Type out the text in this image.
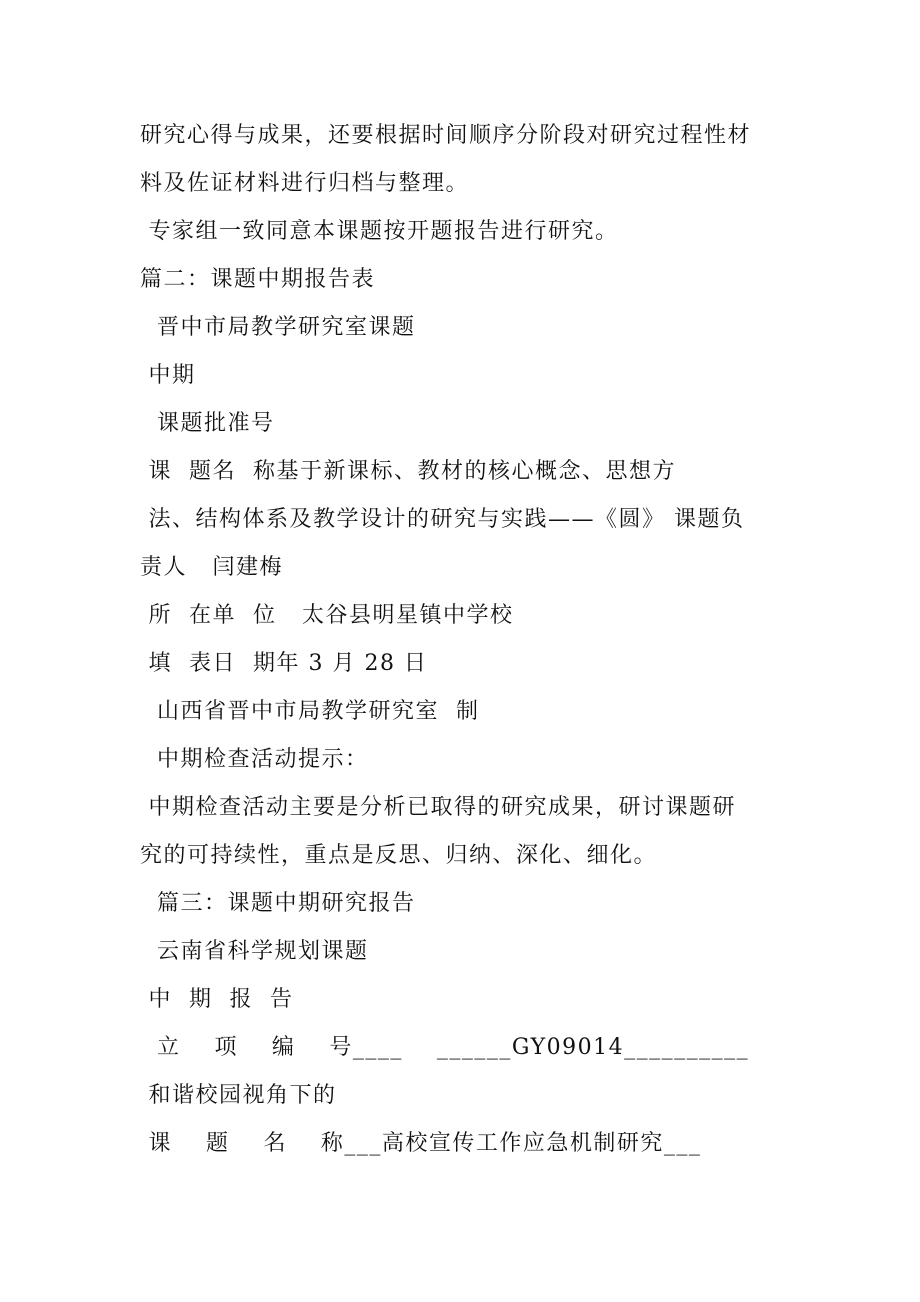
研究心得与成果，还要根据时间顺序分阶段对研究过程性材
料及佐证材料进行归档与整理。
专家组一致同意本课题按开题报告进行研究。
篇二：课题中期报告表
晋中市局教学研究室课题
中期
课题批准号
课  题名  称基于新课标、教材的核心概念、思想方
法、结构体系及教学设计的研究与实践——《圆》 课题负
责人   闫建梅
所  在单  位   太谷县明星镇中学校
填  表日  期年 3 月 28 日
山西省晋中市局教学研究室  制
中期检查活动提示：
中期检查活动主要是分析已取得的研究成果，研讨课题研
究的可持续性，重点是反思、归纳、深化、细化。
篇三：课题中期研究报告
云南省科学规划课题
中  期  报  告
立    项    编    号____    ______GY09014__________
和谐校园视角下的
课    题    名    称___高校宣传工作应急机制研究___
